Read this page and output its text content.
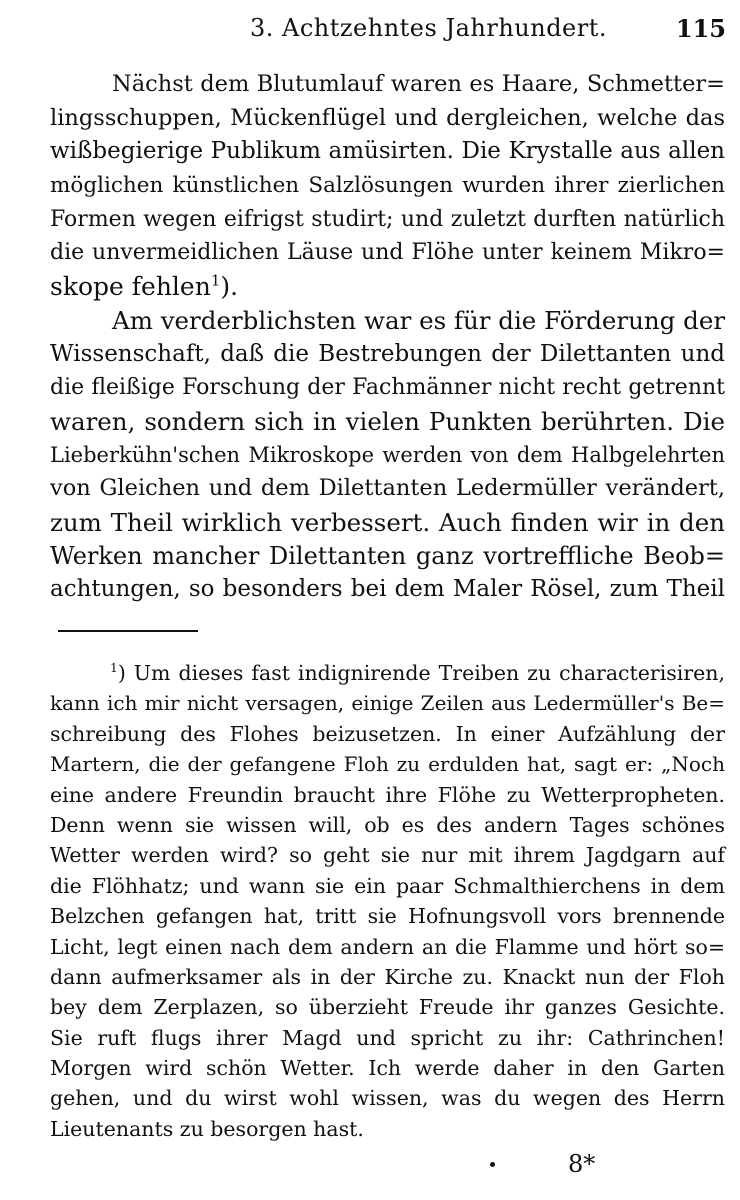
3. Achtzehntes Jahrhundert.	115
Nächst dem Blutumlauf waren es Haare, Schmetter=
lingsschuppen, Mückenflügel und dergleichen, welche das
wißbegierige Publikum amüsirten. Die Krystalle aus allen
möglichen künstlichen Salzlösungen wurden ihrer zierlichen
Formen wegen eifrigst studirt; und zuletzt durften natürlich
die unvermeidlichen Läuse und Flöhe unter keinem Mikro=
skope fehlen$^1$).
Am verderblichsten war es für die Förderung der
Wissenschaft, daß die Bestrebungen der Dilettanten und
die fleißige Forschung der Fachmänner nicht recht getrennt
waren, sondern sich in vielen Punkten berührten. Die
Lieberkühn'schen Mikroskope werden von dem Halbgelehrten
von Gleichen und dem Dilettanten Ledermüller verändert,
zum Theil wirklich verbessert. Auch finden wir in den
Werken mancher Dilettanten ganz vortreffliche Beob=
achtungen, so besonders bei dem Maler Rösel, zum Theil
$^1$) Um dieses fast indignirende Treiben zu characterisiren,
kann ich mir nicht versagen, einige Zeilen aus Ledermüller's Be=
schreibung des Flohes beizusetzen. In einer Aufzählung der
Martern, die der gefangene Floh zu erdulden hat, sagt er: „Noch
eine andere Freundin braucht ihre Flöhe zu Wetterpropheten.
Denn wenn sie wissen will, ob es des andern Tages schönes
Wetter werden wird? so geht sie nur mit ihrem Jagdgarn auf
die Flöhhatz; und wann sie ein paar Schmalthierchens in dem
Belzchen gefangen hat, tritt sie Hofnungsvoll vors brennende
Licht, legt einen nach dem andern an die Flamme und hört so=
dann aufmerksamer als in der Kirche zu. Knackt nun der Floh
bey dem Zerplazen, so überzieht Freude ihr ganzes Gesichte.
Sie ruft flugs ihrer Magd und spricht zu ihr: Cathrinchen!
Morgen wird schön Wetter. Ich werde daher in den Garten
gehen, und du wirst wohl wissen, was du wegen des Herrn
Lieutenants zu besorgen hast.
8*
